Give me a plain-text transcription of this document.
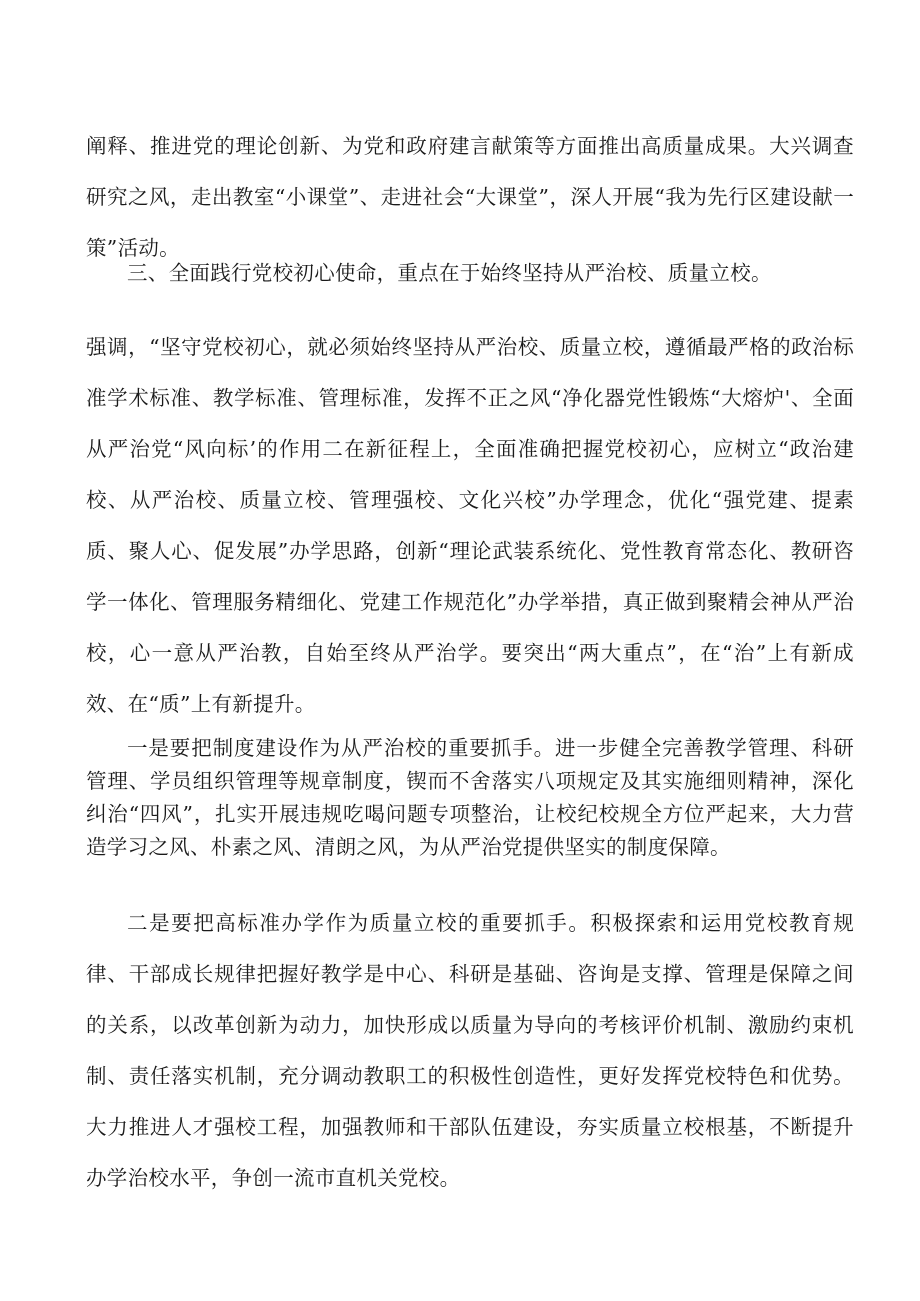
阐释、推进党的理论创新、为党和政府建言献策等方面推出高质量成果。大兴调查研究之风，走出教室“小课堂”、走进社会“大课堂”，深人开展“我为先行区建设献一策”活动。

三、全面践行党校初心使命，重点在于始终坚持从严治校、质量立校。

强调，“坚守党校初心，就必须始终坚持从严治校、质量立校，遵循最严格的政治标准学术标准、教学标准、管理标准，发挥不正之风“净化器党性锻炼“大熔炉'、全面从严治党“风向标’的作用二在新征程上，全面准确把握党校初心，应树立“政治建校、从严治校、质量立校、管理强校、文化兴校”办学理念，优化“强党建、提素质、聚人心、促发展”办学思路，创新“理论武装系统化、党性教育常态化、教研咨学一体化、管理服务精细化、党建工作规范化”办学举措，真正做到聚精会神从严治校，心一意从严治教，自始至终从严治学。要突出“两大重点”，在“治”上有新成效、在“质”上有新提升。

一是要把制度建设作为从严治校的重要抓手。进一步健全完善教学管理、科研管理、学员组织管理等规章制度，锲而不舍落实八项规定及其实施细则精神，深化纠治“四风”，扎实开展违规吃喝问题专项整治，让校纪校规全方位严起来，大力营造学习之风、朴素之风、清朗之风，为从严治党提供坚实的制度保障。

二是要把高标准办学作为质量立校的重要抓手。积极探索和运用党校教育规律、干部成长规律把握好教学是中心、科研是基础、咨询是支撑、管理是保障之间的关系，以改革创新为动力，加快形成以质量为导向的考核评价机制、激励约束机制、责任落实机制，充分调动教职工的积极性创造性，更好发挥党校特色和优势。大力推进人才强校工程，加强教师和干部队伍建设，夯实质量立校根基，不断提升办学治校水平，争创一流市直机关党校。
